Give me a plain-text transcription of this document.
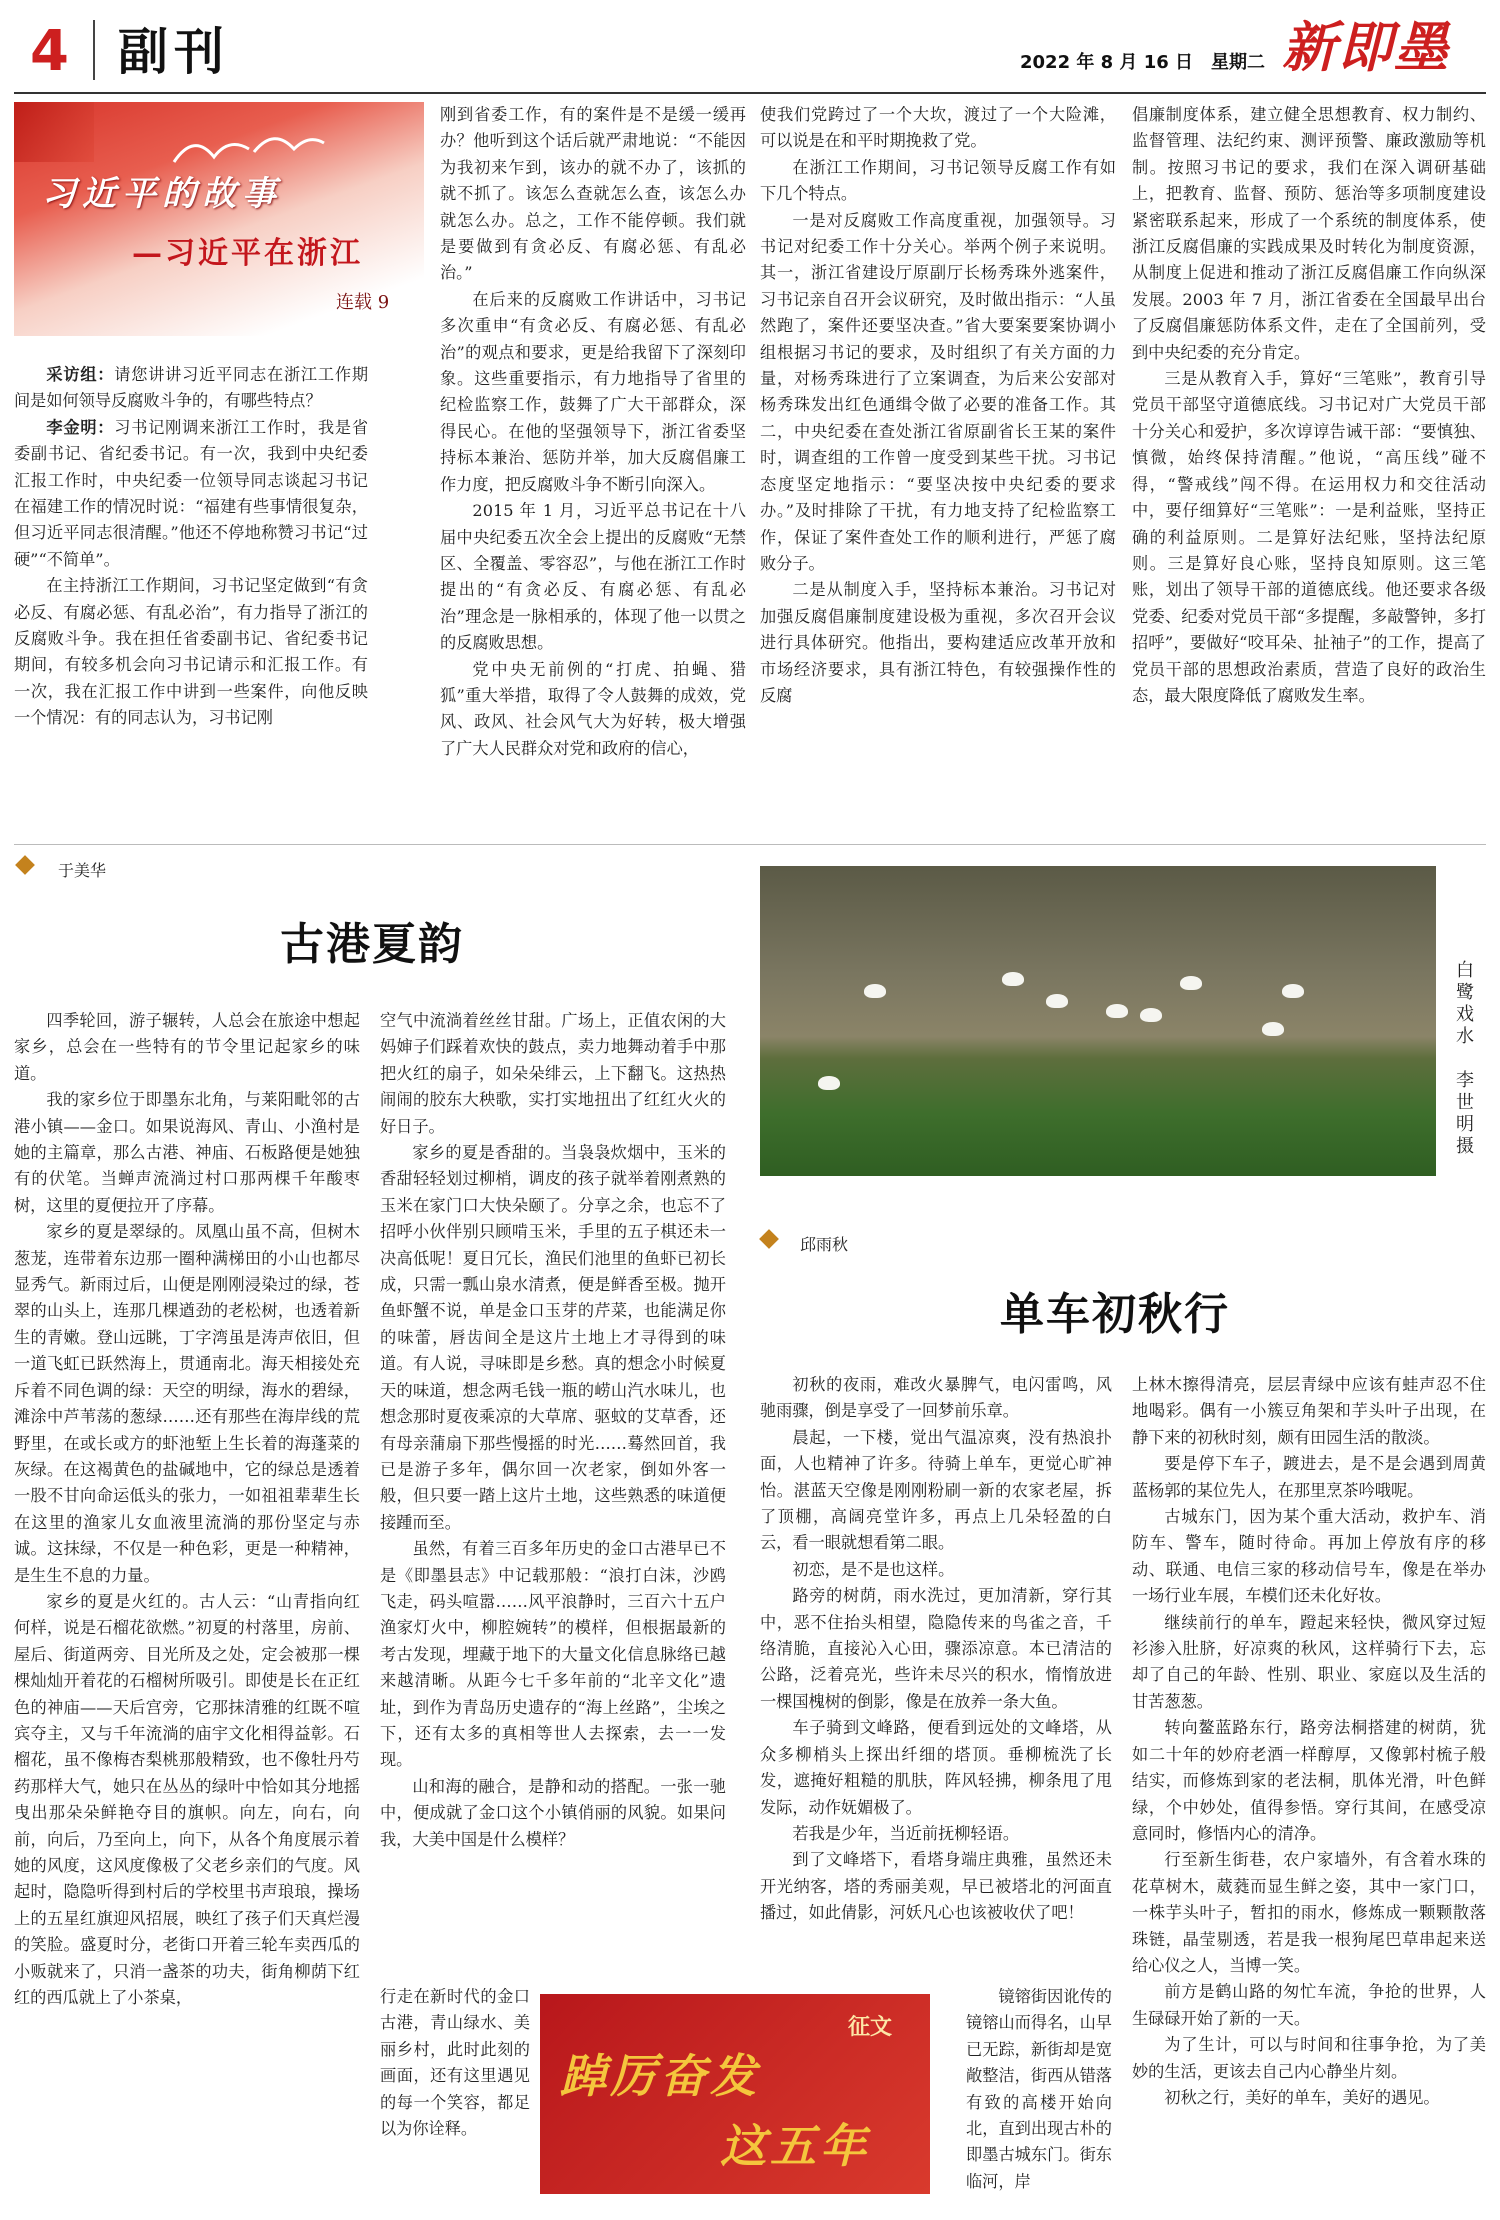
4 副刊	2022 年 8 月 16 日　星期二 新即墨
习近平的故事
—习近平在浙江
连载 9

采访组：请您讲讲习近平同志在浙江工作期间是如何领导反腐败斗争的，有哪些特点？

李金明：习书记刚调来浙江工作时，我是省委副书记、省纪委书记。有一次，我到中央纪委汇报工作时，中央纪委一位领导同志谈起习书记在福建工作的情况时说：“福建有些事情很复杂，但习近平同志很清醒。”他还不停地称赞习书记“过硬”“不简单”。

在主持浙江工作期间，习书记坚定做到“有贪必反、有腐必惩、有乱必治”，有力指导了浙江的反腐败斗争。我在担任省委副书记、省纪委书记期间，有较多机会向习书记请示和汇报工作。有一次，我在汇报工作中讲到一些案件，向他反映一个情况：有的同志认为，习书记刚

刚到省委工作，有的案件是不是缓一缓再办？他听到这个话后就严肃地说：“不能因为我初来乍到，该办的就不办了，该抓的就不抓了。该怎么查就怎么查，该怎么办就怎么办。总之，工作不能停顿。我们就是要做到有贪必反、有腐必惩、有乱必治。”

在后来的反腐败工作讲话中，习书记多次重申“有贪必反、有腐必惩、有乱必治”的观点和要求，更是给我留下了深刻印象。这些重要指示，有力地指导了省里的纪检监察工作，鼓舞了广大干部群众，深得民心。在他的坚强领导下，浙江省委坚持标本兼治、惩防并举，加大反腐倡廉工作力度，把反腐败斗争不断引向深入。

2015 年 1 月，习近平总书记在十八届中央纪委五次全会上提出的反腐败“无禁区、全覆盖、零容忍”，与他在浙江工作时提出的“有贪必反、有腐必惩、有乱必治”理念是一脉相承的，体现了他一以贯之的反腐败思想。

党中央无前例的“打虎、拍蝇、猎狐”重大举措，取得了令人鼓舞的成效，党风、政风、社会风气大为好转，极大增强了广大人民群众对党和政府的信心，

使我们党跨过了一个大坎，渡过了一个大险滩，可以说是在和平时期挽救了党。

在浙江工作期间，习书记领导反腐工作有如下几个特点。

一是对反腐败工作高度重视，加强领导。习书记对纪委工作十分关心。举两个例子来说明。其一，浙江省建设厅原副厅长杨秀珠外逃案件，习书记亲自召开会议研究，及时做出指示：“人虽然跑了，案件还要坚决查。”省大要案要案协调小组根据习书记的要求，及时组织了有关方面的力量，对杨秀珠进行了立案调查，为后来公安部对杨秀珠发出红色通缉令做了必要的准备工作。其二，中央纪委在查处浙江省原副省长王某的案件时，调查组的工作曾一度受到某些干扰。习书记态度坚定地指示：“要坚决按中央纪委的要求办。”及时排除了干扰，有力地支持了纪检监察工作，保证了案件查处工作的顺利进行，严惩了腐败分子。

二是从制度入手，坚持标本兼治。习书记对加强反腐倡廉制度建设极为重视，多次召开会议进行具体研究。他指出，要构建适应改革开放和市场经济要求，具有浙江特色，有较强操作性的反腐

倡廉制度体系，建立健全思想教育、权力制约、监督管理、法纪约束、测评预警、廉政激励等机制。按照习书记的要求，我们在深入调研基础上，把教育、监督、预防、惩治等多项制度建设紧密联系起来，形成了一个系统的制度体系，使浙江反腐倡廉的实践成果及时转化为制度资源，从制度上促进和推动了浙江反腐倡廉工作向纵深发展。2003 年 7 月，浙江省委在全国最早出台了反腐倡廉惩防体系文件，走在了全国前列，受到中央纪委的充分肯定。

三是从教育入手，算好“三笔账”，教育引导党员干部坚守道德底线。习书记对广大党员干部十分关心和爱护，多次谆谆告诫干部：“要慎独、慎微，始终保持清醒。”他说，“高压线”碰不得，“警戒线”闯不得。在运用权力和交往活动中，要仔细算好“三笔账”：一是利益账，坚持正确的利益原则。二是算好法纪账，坚持法纪原则。三是算好良心账，坚持良知原则。这三笔账，划出了领导干部的道德底线。他还要求各级党委、纪委对党员干部“多提醒，多敲警钟，多打招呼”，要做好“咬耳朵、扯袖子”的工作，提高了党员干部的思想政治素质，营造了良好的政治生态，最大限度降低了腐败发生率。

于美华
古港夏韵

四季轮回，游子辗转，人总会在旅途中想起家乡，总会在一些特有的节令里记起家乡的味道。

我的家乡位于即墨东北角，与莱阳毗邻的古港小镇——金口。如果说海风、青山、小渔村是她的主篇章，那么古港、神庙、石板路便是她独有的伏笔。当蝉声流淌过村口那两棵千年酸枣树，这里的夏便拉开了序幕。

家乡的夏是翠绿的。凤凰山虽不高，但树木葱茏，连带着东边那一圈种满梯田的小山也都尽显秀气。新雨过后，山便是刚刚浸染过的绿，苍翠的山头上，连那几棵遒劲的老松树，也透着新生的青嫩。登山远眺，丁字湾虽是涛声依旧，但一道飞虹已跃然海上，贯通南北。海天相接处充斥着不同色调的绿：天空的明绿，海水的碧绿，滩涂中芦苇荡的葱绿……还有那些在海岸线的荒野里，在或长或方的虾池堑上生长着的海蓬菜的灰绿。在这褐黄色的盐碱地中，它的绿总是透着一股不甘向命运低头的张力，一如祖祖辈辈生长在这里的渔家儿女血液里流淌的那份坚定与赤诚。这抹绿，不仅是一种色彩，更是一种精神，是生生不息的力量。

家乡的夏是火红的。古人云：“山青指向红何样，说是石榴花欲燃。”初夏的村落里，房前、屋后、街道两旁、目光所及之处，定会被那一棵棵灿灿开着花的石榴树所吸引。即使是长在正红色的神庙——天后宫旁，它那抹清雅的红既不喧宾夺主，又与千年流淌的庙宇文化相得益彰。石榴花，虽不像梅杏梨桃那般精致，也不像牡丹芍药那样大气，她只在丛丛的绿叶中恰如其分地摇曳出那朵朵鲜艳夺目的旗帜。向左，向右，向前，向后，乃至向上，向下，从各个角度展示着她的风度，这风度像极了父老乡亲们的气度。风起时，隐隐听得到村后的学校里书声琅琅，操场上的五星红旗迎风招展，映红了孩子们天真烂漫的笑脸。盛夏时分，老街口开着三轮车卖西瓜的小贩就来了，只消一盏茶的功夫，街角柳荫下红红的西瓜就上了小茶桌，

空气中流淌着丝丝甘甜。广场上，正值农闲的大妈婶子们踩着欢快的鼓点，卖力地舞动着手中那把火红的扇子，如朵朵绯云，上下翻飞。这热热闹闹的胶东大秧歌，实打实地扭出了红红火火的好日子。

家乡的夏是香甜的。当袅袅炊烟中，玉米的香甜轻轻划过柳梢，调皮的孩子就举着刚煮熟的玉米在家门口大快朵颐了。分享之余，也忘不了招呼小伙伴别只顾啃玉米，手里的五子棋还未一决高低呢！夏日冗长，渔民们池里的鱼虾已初长成，只需一瓢山泉水清煮，便是鲜香至极。抛开鱼虾蟹不说，单是金口玉芽的芹菜，也能满足你的味蕾，唇齿间全是这片土地上才寻得到的味道。有人说，寻味即是乡愁。真的想念小时候夏天的味道，想念两毛钱一瓶的崂山汽水味儿，也想念那时夏夜乘凉的大草席、驱蚊的艾草香，还有母亲蒲扇下那些慢摇的时光……蓦然回首，我已是游子多年，偶尔回一次老家，倒如外客一般，但只要一踏上这片土地，这些熟悉的味道便接踵而至。

虽然，有着三百多年历史的金口古港早已不是《即墨县志》中记载那般：“浪打白沫，沙鸥飞走，码头喧嚣……风平浪静时，三百六十五户渔家灯火中，柳腔婉转”的模样，但根据最新的考古发现，埋藏于地下的大量文化信息脉络已越来越清晰。从距今七千多年前的“北辛文化”遗址，到作为青岛历史遗存的“海上丝路”，尘埃之下，还有太多的真相等世人去探索，去一一发现。

山和海的融合，是静和动的搭配。一张一驰中，便成就了金口这个小镇俏丽的风貌。如果问我，大美中国是什么模样？

行走在新时代的金口古港，青山绿水、美丽乡村，此时此刻的画面，还有这里遇见的每一个笑容，都足以为你诠释。

征文
踔厉奋发
这五年
白鹭戏水

李世明　摄
邱雨秋
单车初秋行

初秋的夜雨，难改火暴脾气，电闪雷鸣，风驰雨骤，倒是享受了一回梦前乐章。

晨起，一下楼，觉出气温凉爽，没有热浪扑面，人也精神了许多。待骑上单车，更觉心旷神怡。湛蓝天空像是刚刚粉刷一新的农家老屋，拆了顶棚，高阔亮堂许多，再点上几朵轻盈的白云，看一眼就想看第二眼。

初恋，是不是也这样。

路旁的树荫，雨水洗过，更加清新，穿行其中，恶不住抬头相望，隐隐传来的鸟雀之音，千络清脆，直接沁入心田，骤添凉意。本已清洁的公路，泛着亮光，些许未尽兴的积水，惰惰放进一棵国槐树的倒影，像是在放养一条大鱼。

车子骑到文峰路，便看到远处的文峰塔，从众多柳梢头上探出纤细的塔顶。垂柳梳洗了长发，遮掩好粗糙的肌肤，阵风轻拂，柳条甩了甩发际，动作妩媚极了。

若我是少年，当近前抚柳轻语。

到了文峰塔下，看塔身端庄典雅，虽然还未开光纳客，塔的秀丽美观，早已被塔北的河面直播过，如此倩影，河妖凡心也该被收伏了吧！

镜镕街因讹传的镜镕山而得名，山早已无踪，新街却是宽敞整洁，街西从错落有致的高楼开始向北，直到出现古朴的即墨古城东门。街东临河，岸

上林木擦得清亮，层层青绿中应该有蛙声忍不住地喝彩。偶有一小簇豆角架和芋头叶子出现，在静下来的初秋时刻，颇有田园生活的散淡。

要是停下车子，踱进去，是不是会遇到周黄蓝杨郭的某位先人，在那里烹茶吟哦呢。

古城东门，因为某个重大活动，救护车、消防车、警车，随时待命。再加上停放有序的移动、联通、电信三家的移动信号车，像是在举办一场行业车展，车模们还未化好妆。

继续前行的单车，蹬起来轻快，微风穿过短衫渗入肚脐，好凉爽的秋风，这样骑行下去，忘却了自己的年龄、性别、职业、家庭以及生活的甘苦葱葱。

转向鳌蓝路东行，路旁法桐搭建的树荫，犹如二十年的妙府老酒一样醇厚，又像郭村梳子般结实，而修炼到家的老法桐，肌体光滑，叶色鲜绿，个中妙处，值得参悟。穿行其间，在感受凉意同时，修悟内心的清净。

行至新生街巷，农户家墙外，有含着水珠的花草树木，葳蕤而显生鲜之姿，其中一家门口，一株芋头叶子，暂扣的雨水，修炼成一颗颗散落珠链，晶莹剔透，若是我一根狗尾巴草串起来送给心仪之人，当博一笑。

前方是鹤山路的匆忙车流，争抢的世界，人生碌碌开始了新的一天。

为了生计，可以与时间和往事争抢，为了美妙的生活，更该去自己内心静坐片刻。

初秋之行，美好的单车，美好的遇见。
